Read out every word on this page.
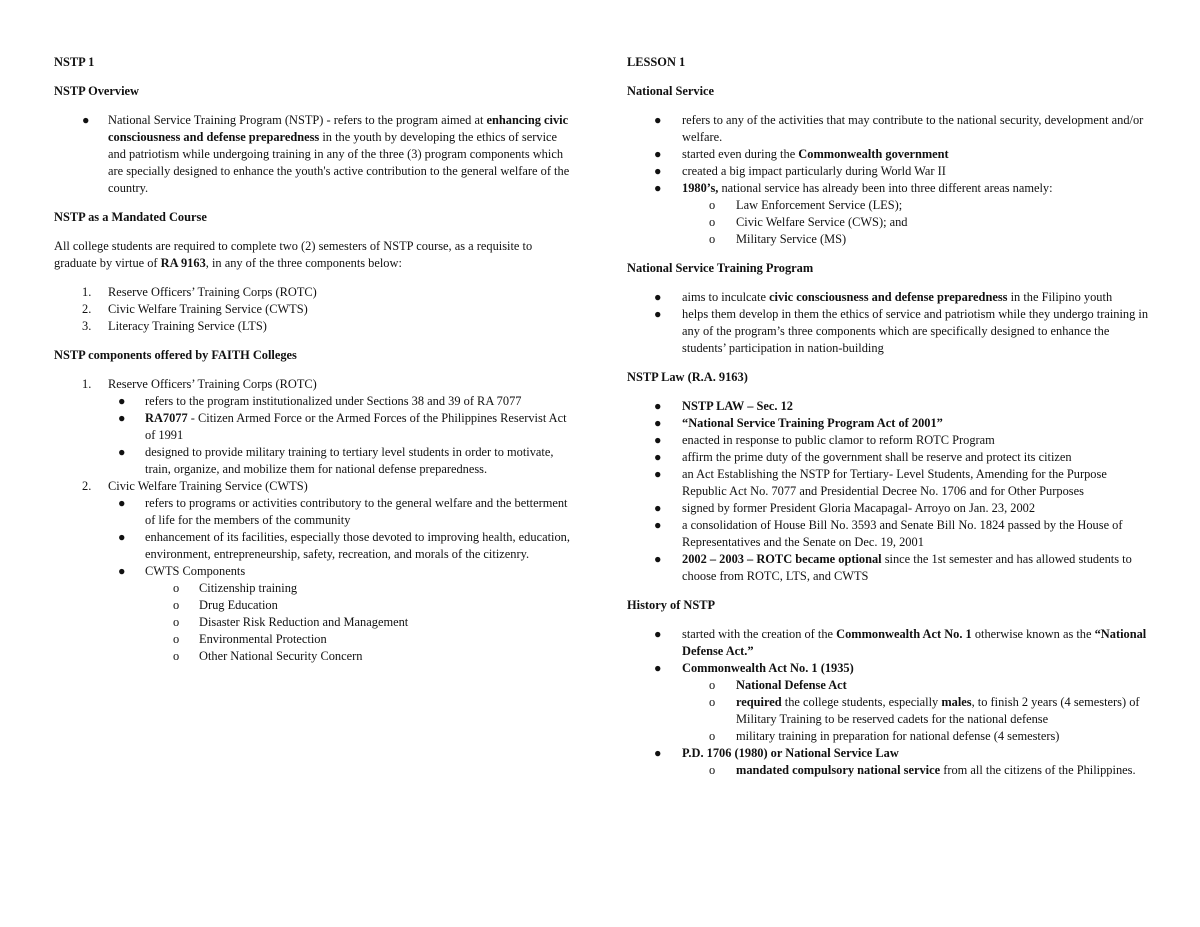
NSTP 1
NSTP Overview
● National Service Training Program (NSTP) - refers to the program aimed at enhancing civic consciousness and defense preparedness in the youth by developing the ethics of service and patriotism while undergoing training in any of the three (3) program components which are specially designed to enhance the youth's active contribution to the general welfare of the country.
NSTP as a Mandated Course

All college students are required to complete two (2) semesters of NSTP course, as a requisite to graduate by virtue of RA 9163, in any of the three components below:

1. Reserve Officers’ Training Corps (ROTC)
2. Civic Welfare Training Service (CWTS)
3. Literacy Training Service (LTS)
NSTP components offered by FAITH Colleges
1. Reserve Officers’ Training Corps (ROTC)
● refers to the program institutionalized under Sections 38 and 39 of RA 7077
● RA7077 - Citizen Armed Force or the Armed Forces of the Philippines Reservist Act of 1991
● designed to provide military training to tertiary level students in order to motivate, train, organize, and mobilize them for national defense preparedness.
2. Civic Welfare Training Service (CWTS)
● refers to programs or activities contributory to the general welfare and the betterment of life for the members of the community
● enhancement of its facilities, especially those devoted to improving health, education, environment, entrepreneurship, safety, recreation, and morals of the citizenry.
● CWTS Components
o Citizenship training
o Drug Education
o Disaster Risk Reduction and Management
o Environmental Protection
o Other National Security Concern
LESSON 1
National Service
● refers to any of the activities that may contribute to the national security, development and/or welfare.
● started even during the Commonwealth government
● created a big impact particularly during World War II
● 1980’s, national service has already been into three different areas namely:
o Law Enforcement Service (LES);
o Civic Welfare Service (CWS); and
o Military Service (MS)
National Service Training Program
● aims to inculcate civic consciousness and defense preparedness in the Filipino youth
● helps them develop in them the ethics of service and patriotism while they undergo training in any of the program’s three components which are specifically designed to enhance the students’ participation in nation-building
NSTP Law (R.A. 9163)
● NSTP LAW – Sec. 12
● “National Service Training Program Act of 2001”
● enacted in response to public clamor to reform ROTC Program
● affirm the prime duty of the government shall be reserve and protect its citizen
● an Act Establishing the NSTP for Tertiary- Level Students, Amending for the Purpose Republic Act No. 7077 and Presidential Decree No. 1706 and for Other Purposes
● signed by former President Gloria Macapagal- Arroyo on Jan. 23, 2002
● a consolidation of House Bill No. 3593 and Senate Bill No. 1824 passed by the House of Representatives and the Senate on Dec. 19, 2001
● 2002 – 2003 – ROTC became optional since the 1st semester and has allowed students to choose from ROTC, LTS, and CWTS
History of NSTP
● started with the creation of the Commonwealth Act No. 1 otherwise known as the “National Defense Act.”
● Commonwealth Act No. 1 (1935)
o National Defense Act
o required the college students, especially males, to finish 2 years (4 semesters) of Military Training to be reserved cadets for the national defense
o military training in preparation for national defense (4 semesters)
● P.D. 1706 (1980) or National Service Law
o mandated compulsory national service from all the citizens of the Philippines.
